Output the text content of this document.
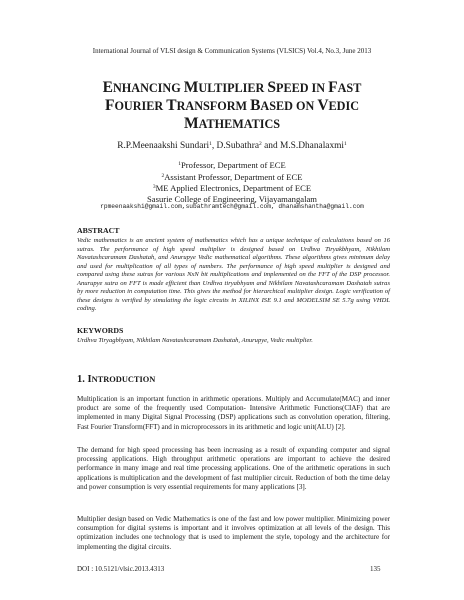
International Journal of VLSI design & Communication Systems (VLSICS) Vol.4, No.3, June 2013
ENHANCING MULTIPLIER SPEED IN FAST
FOURIER TRANSFORM BASED ON VEDIC
MATHEMATICS
R.P.Meenaakshi Sundari$^1$, D.Subathra$^2$ and M.S.Dhanalaxmi$^1$
$^1$Professor, Department of ECE
$^2$Assistant Professor, Department of ECE
$^3$ME Applied Electronics, Department of ECE
Sasurie College of Engineering, Vijayamangalam
rpmeenaakshi@gmail.com,subathramtech@gmail.com, dhanamshantha@gmail.com
ABSTRACT
Vedic mathematics is an ancient system of mathematics which has a unique technique of calculations based on 16 sutras. The performance of high speed multiplier is designed based on Urdhva Tiryakbhyam, Nikhilam Navatashcaramam Dashatah, and Anurupye Vedic mathematical algorithms. These algorithms gives minimum delay and used for multiplication of all types of numbers. The performance of high speed multiplier is designed and compared using these sutras for various NxN bit multiplications and implemented on the FFT of the DSP processor. Anurupye sutra on FFT is made efficient than Urdhva tiryabhyam and Nikhilam Navatashcaramam Dashatah sutras by more reduction in computation time. This gives the method for hierarchical multiplier design. Logic verification of these designs is verified by simulating the logic circuits in XILINX ISE 9.1 and MODELSIM SE 5.7g using VHDL coding.
KEYWORDS
Urdhva Tiryagbhyam, Nikhilam Navatashcaramam Dashatah, Anurupye, Vedic multiplier.
1. INTRODUCTION
Multiplication is an important function in arithmetic operations. Multiply and Accumulate(MAC) and inner product are some of the frequently used Computation- Intensive Arithmetic Functions(CIAF) that are implemented in many Digital Signal Processing (DSP) applications such as convolution operation, filtering, Fast Fourier Transform(FFT) and in microprocessors in its arithmetic and logic unit(ALU) [2].
The demand for high speed processing has been increasing as a result of expanding computer and signal processing applications. High throughput arithmetic operations are important to achieve the desired performance in many image and real time processing applications. One of the arithmetic operations in such applications is multiplication and the development of fast multiplier circuit. Reduction of both the time delay and power consumption is very essential requirements for many applications [3].
Multiplier design based on Vedic Mathematics is one of the fast and low power multiplier. Minimizing power consumption for digital systems is important and it involves optimization at all levels of the design. This optimization includes one technology that is used to implement the style, topology and the architecture for implementing the digital circuits.
DOI : 10.5121/vlsic.2013.4313	135
